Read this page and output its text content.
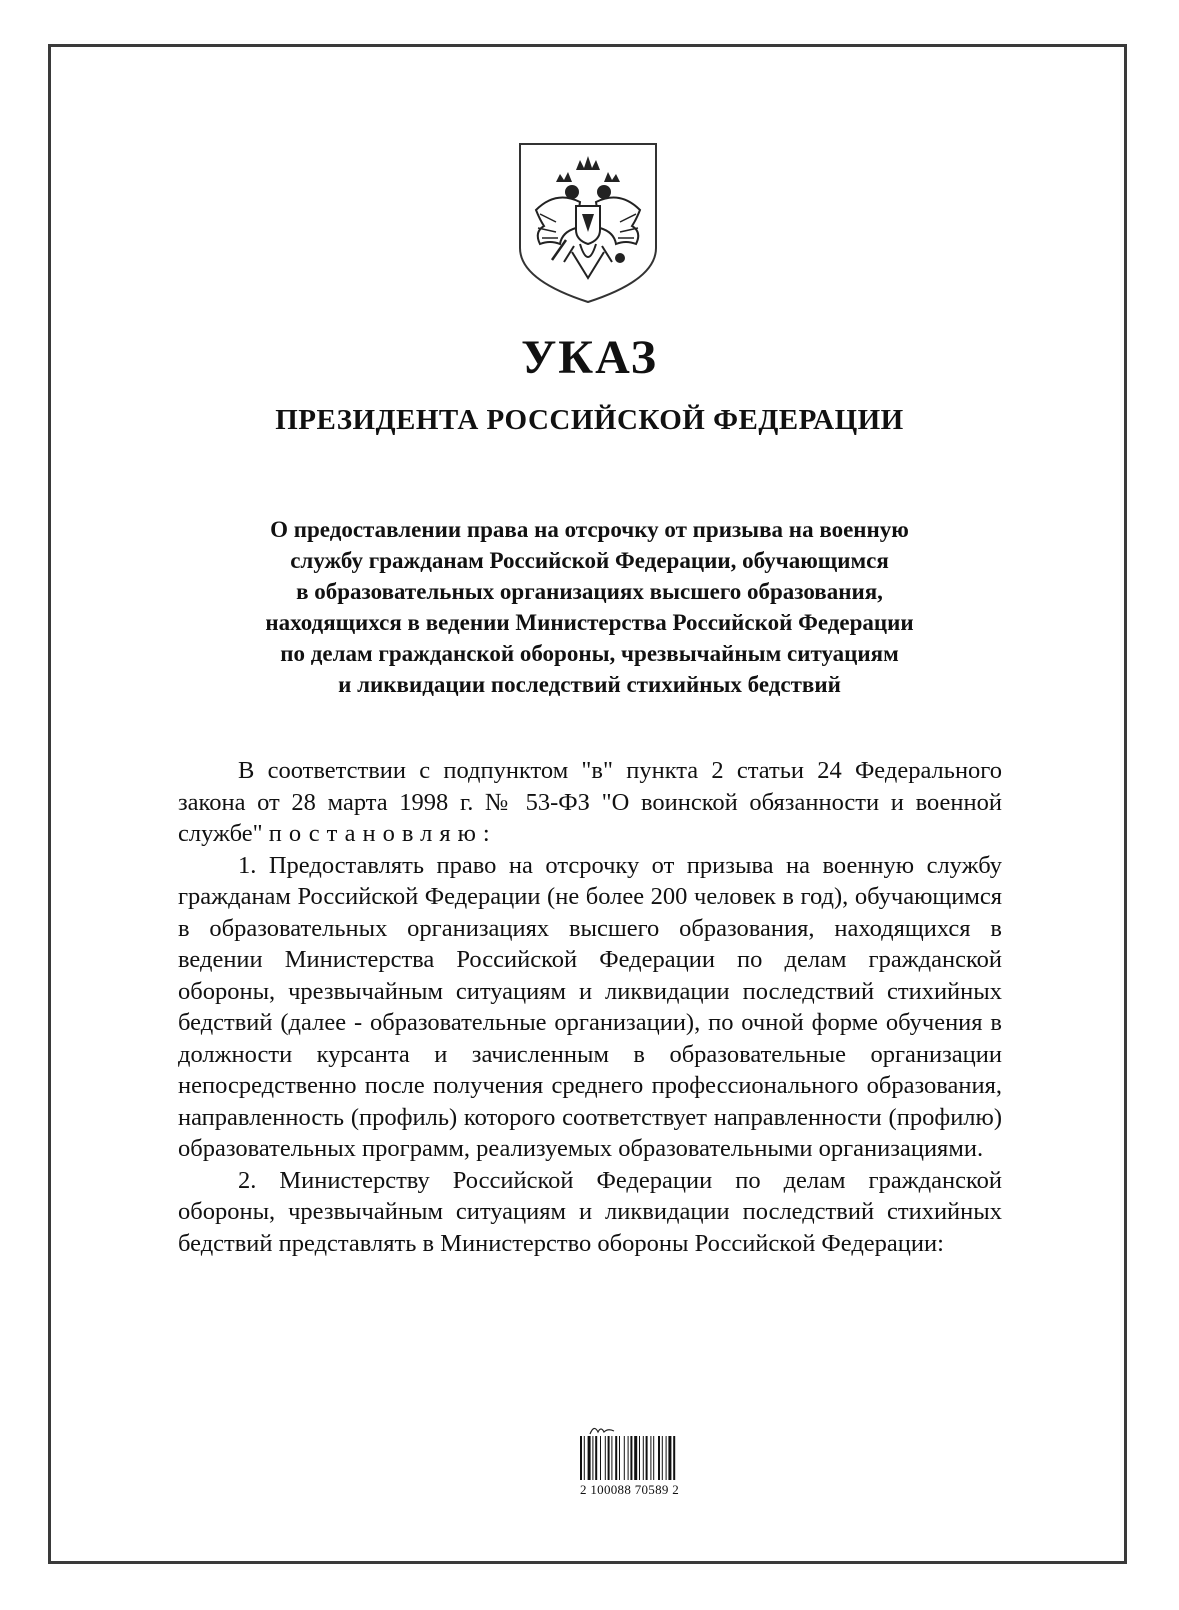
УКАЗ
ПРЕЗИДЕНТА РОССИЙСКОЙ ФЕДЕРАЦИИ
О предоставлении права на отсрочку от призыва на военную
службу гражданам Российской Федерации, обучающимся
в образовательных организациях высшего образования,
находящихся в ведении Министерства Российской Федерации
по делам гражданской обороны, чрезвычайным ситуациям
и ликвидации последствий стихийных бедствий

В соответствии с подпунктом "в" пункта 2 статьи 24 Федерального закона от 28 марта 1998 г. № 53-ФЗ "О воинской обязанности и военной службе" постановляю:

1. Предоставлять право на отсрочку от призыва на военную службу гражданам Российской Федерации (не более 200 человек в год), обучающимся в образовательных организациях высшего образования, находящихся в ведении Министерства Российской Федерации по делам гражданской обороны, чрезвычайным ситуациям и ликвидации последствий стихийных бедствий (далее - образовательные организации), по очной форме обучения в должности курсанта и зачисленным в образовательные организации непосредственно после получения среднего профессионального образования, направленность (профиль) которого соответствует направленности (профилю) образовательных программ, реализуемых образовательными организациями.

2. Министерству Российской Федерации по делам гражданской обороны, чрезвычайным ситуациям и ликвидации последствий стихийных бедствий представлять в Министерство обороны Российской Федерации:

2 100088 70589 2
